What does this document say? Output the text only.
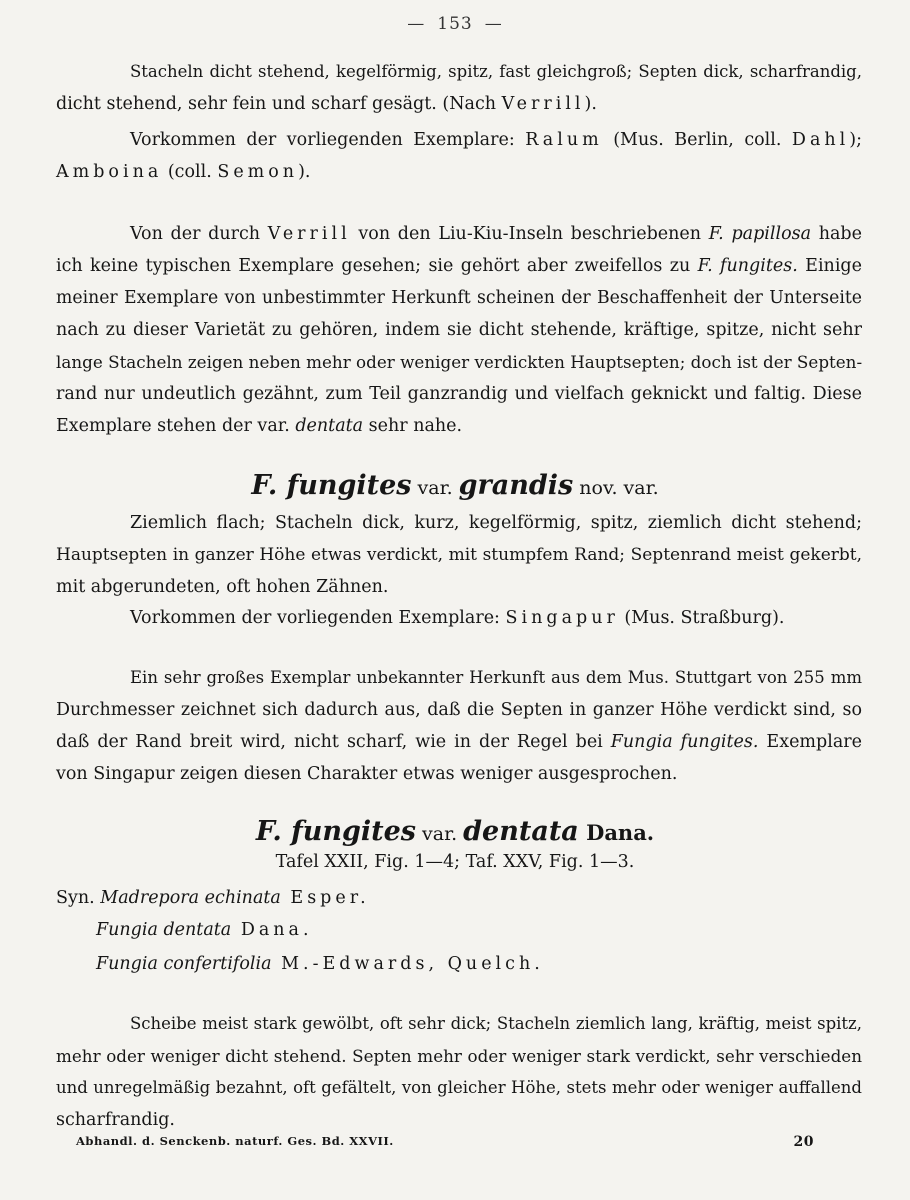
— 153 —
Stacheln dicht stehend, kegelförmig, spitz, fast gleichgroß; Septen dick, scharfrandig,
dicht stehend, sehr fein und scharf gesägt. (Nach Verrill).
Vorkommen der vorliegenden Exemplare: Ralum (Mus. Berlin, coll. Dahl);
Amboina (coll. Semon).
Von der durch Verrill von den Liu-Kiu-Inseln beschriebenen F. papillosa habe
ich keine typischen Exemplare gesehen; sie gehört aber zweifellos zu F. fungites. Einige
meiner Exemplare von unbestimmter Herkunft scheinen der Beschaffenheit der Unterseite
nach zu dieser Varietät zu gehören, indem sie dicht stehende, kräftige, spitze, nicht sehr
lange Stacheln zeigen neben mehr oder weniger verdickten Hauptsepten; doch ist der Septen-
rand nur undeutlich gezähnt, zum Teil ganzrandig und vielfach geknickt und faltig. Diese
Exemplare stehen der var. dentata sehr nahe.
F. fungites var. grandis nov. var.
Ziemlich flach; Stacheln dick, kurz, kegelförmig, spitz, ziemlich dicht stehend;
Hauptsepten in ganzer Höhe etwas verdickt, mit stumpfem Rand; Septenrand meist gekerbt,
mit abgerundeten, oft hohen Zähnen.
Vorkommen der vorliegenden Exemplare: Singapur (Mus. Straßburg).
Ein sehr großes Exemplar unbekannter Herkunft aus dem Mus. Stuttgart von 255 mm
Durchmesser zeichnet sich dadurch aus, daß die Septen in ganzer Höhe verdickt sind, so
daß der Rand breit wird, nicht scharf, wie in der Regel bei Fungia fungites. Exemplare
von Singapur zeigen diesen Charakter etwas weniger ausgesprochen.
F. fungites var. dentata Dana.
Tafel XXII, Fig. 1—4; Taf. XXV, Fig. 1—3.
Syn. Madrepora echinata Esper.
Fungia dentata Dana.
Fungia confertifolia M.-Edwards, Quelch.
Scheibe meist stark gewölbt, oft sehr dick; Stacheln ziemlich lang, kräftig, meist spitz,
mehr oder weniger dicht stehend. Septen mehr oder weniger stark verdickt, sehr verschieden
und unregelmäßig bezahnt, oft gefältelt, von gleicher Höhe, stets mehr oder weniger auffallend
scharfrandig.
Abhandl. d. Senckenb. naturf. Ges. Bd. XXVII.	20
